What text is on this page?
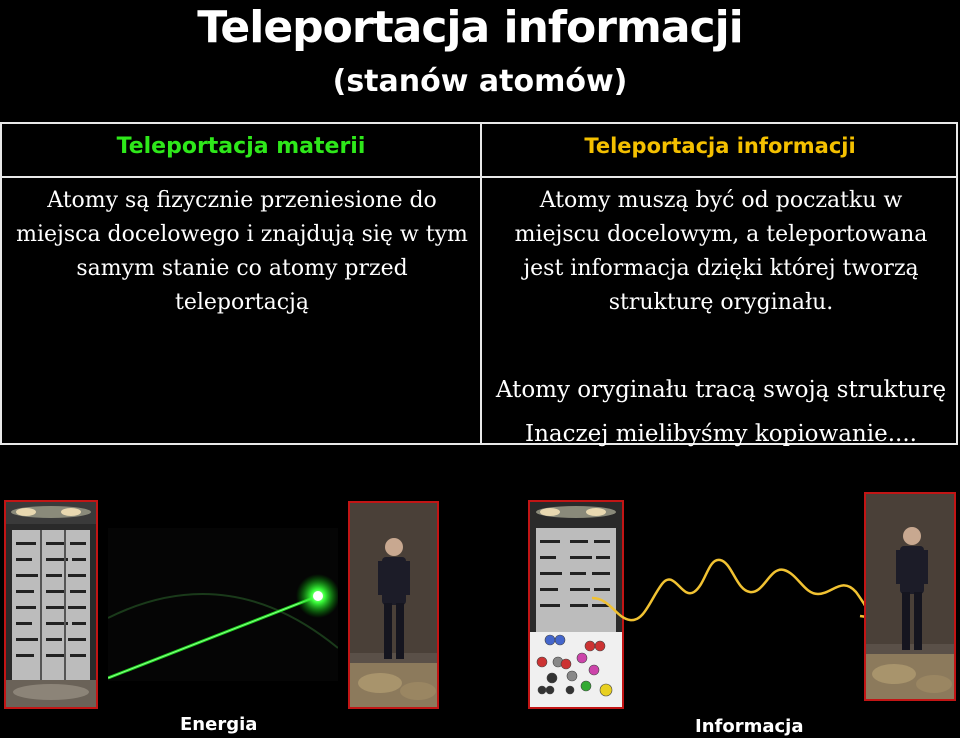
Teleportacja informacji
(stanów atomów)
Teleportacja materii	Teleportacja informacji
Atomy są fizycznie przeniesione do miejsca docelowego i znajdują się w tym samym stanie co atomy przed teleportacją
Atomy muszą być od poczatku w miejscu docelowym, a teleportowana jest informacja dzięki której tworzą strukturę oryginału.
Atomy oryginału tracą swoją strukturę
Inaczej mielibyśmy kopiowanie....
Energia	Informacja
